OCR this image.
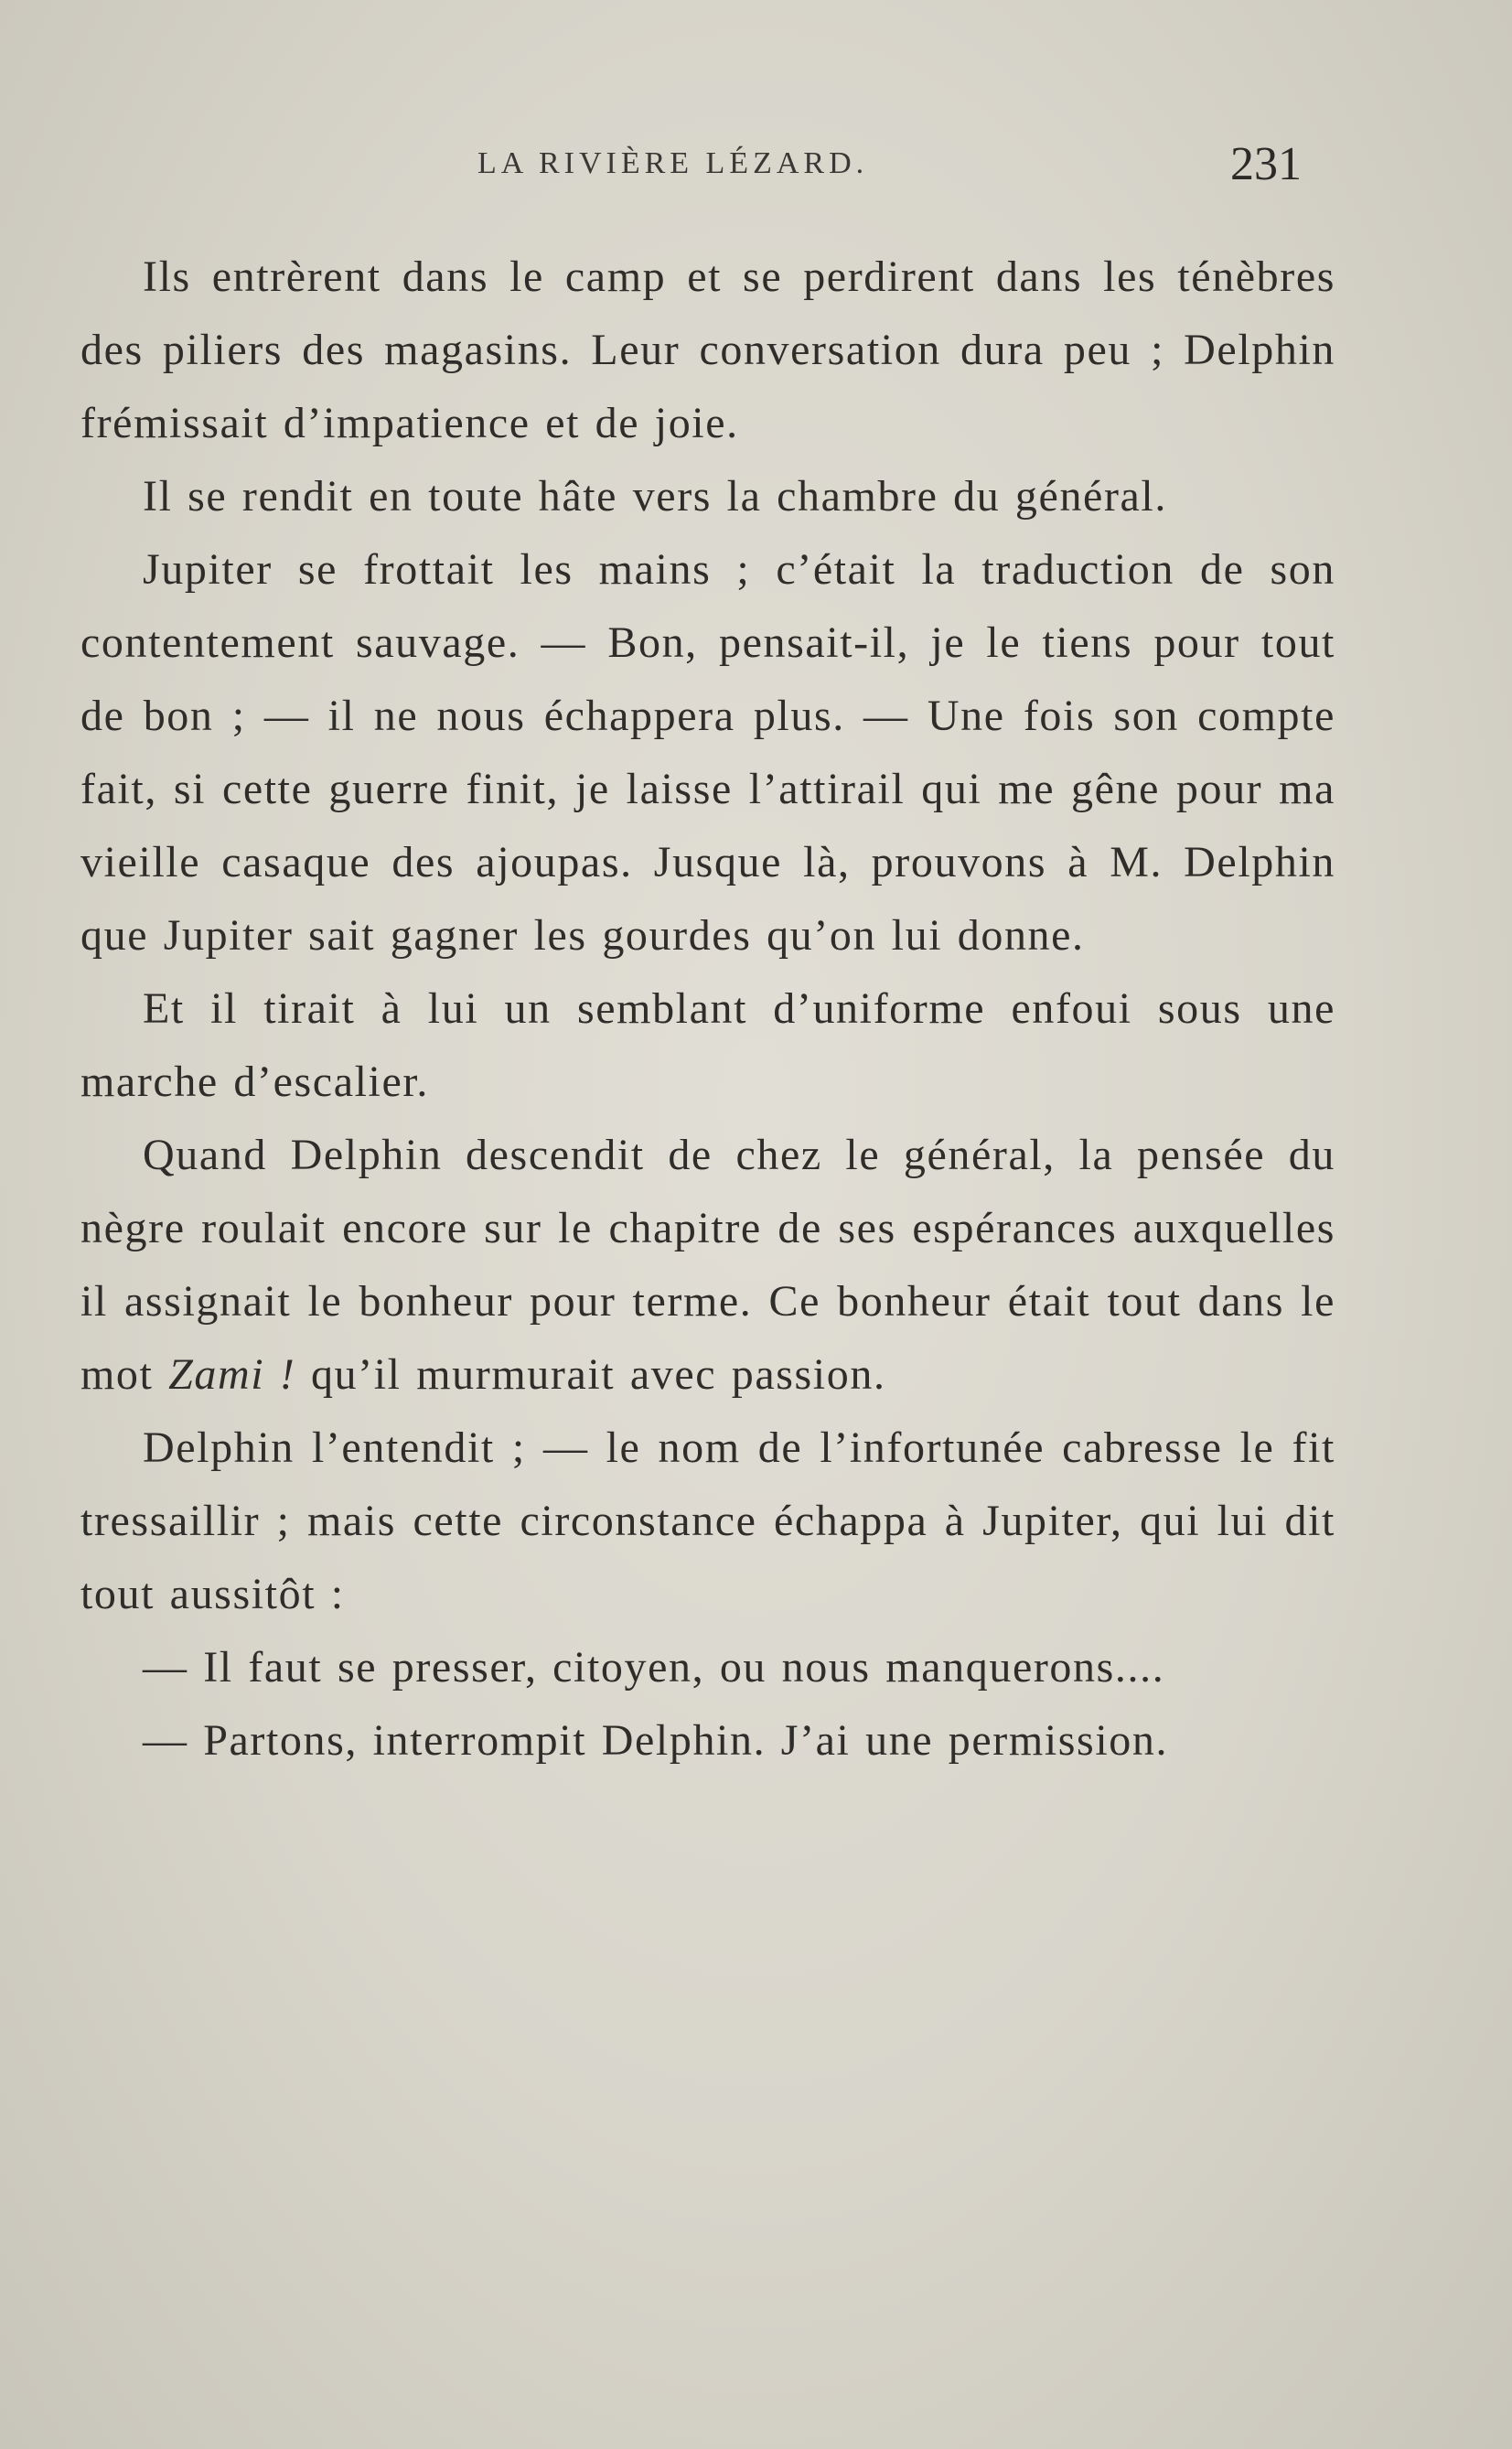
LA RIVIÈRE LÉZARD.	231

Ils entrèrent dans le camp et se perdirent dans les ténèbres des piliers des magasins. Leur conversation dura peu ; Delphin frémissait d’impatience et de joie.

Il se rendit en toute hâte vers la chambre du général.

Jupiter se frottait les mains ; c’était la traduction de son contentement sauvage. — Bon, pensait-il, je le tiens pour tout de bon ; — il ne nous échappera plus. — Une fois son compte fait, si cette guerre finit, je laisse l’attirail qui me gêne pour ma vieille casaque des ajoupas. Jusque là, prouvons à M. Delphin que Jupiter sait gagner les gourdes qu’on lui donne.

Et il tirait à lui un semblant d’uniforme enfoui sous une marche d’escalier.

Quand Delphin descendit de chez le général, la pensée du nègre roulait encore sur le chapitre de ses espérances auxquelles il assignait le bonheur pour terme. Ce bonheur était tout dans le mot Zami ! qu’il murmurait avec passion.

Delphin l’entendit ; — le nom de l’infortunée cabresse le fit tressaillir ; mais cette circonstance échappa à Jupiter, qui lui dit tout aussitôt :

— Il faut se presser, citoyen, ou nous manquerons....

— Partons, interrompit Delphin. J’ai une permission.
